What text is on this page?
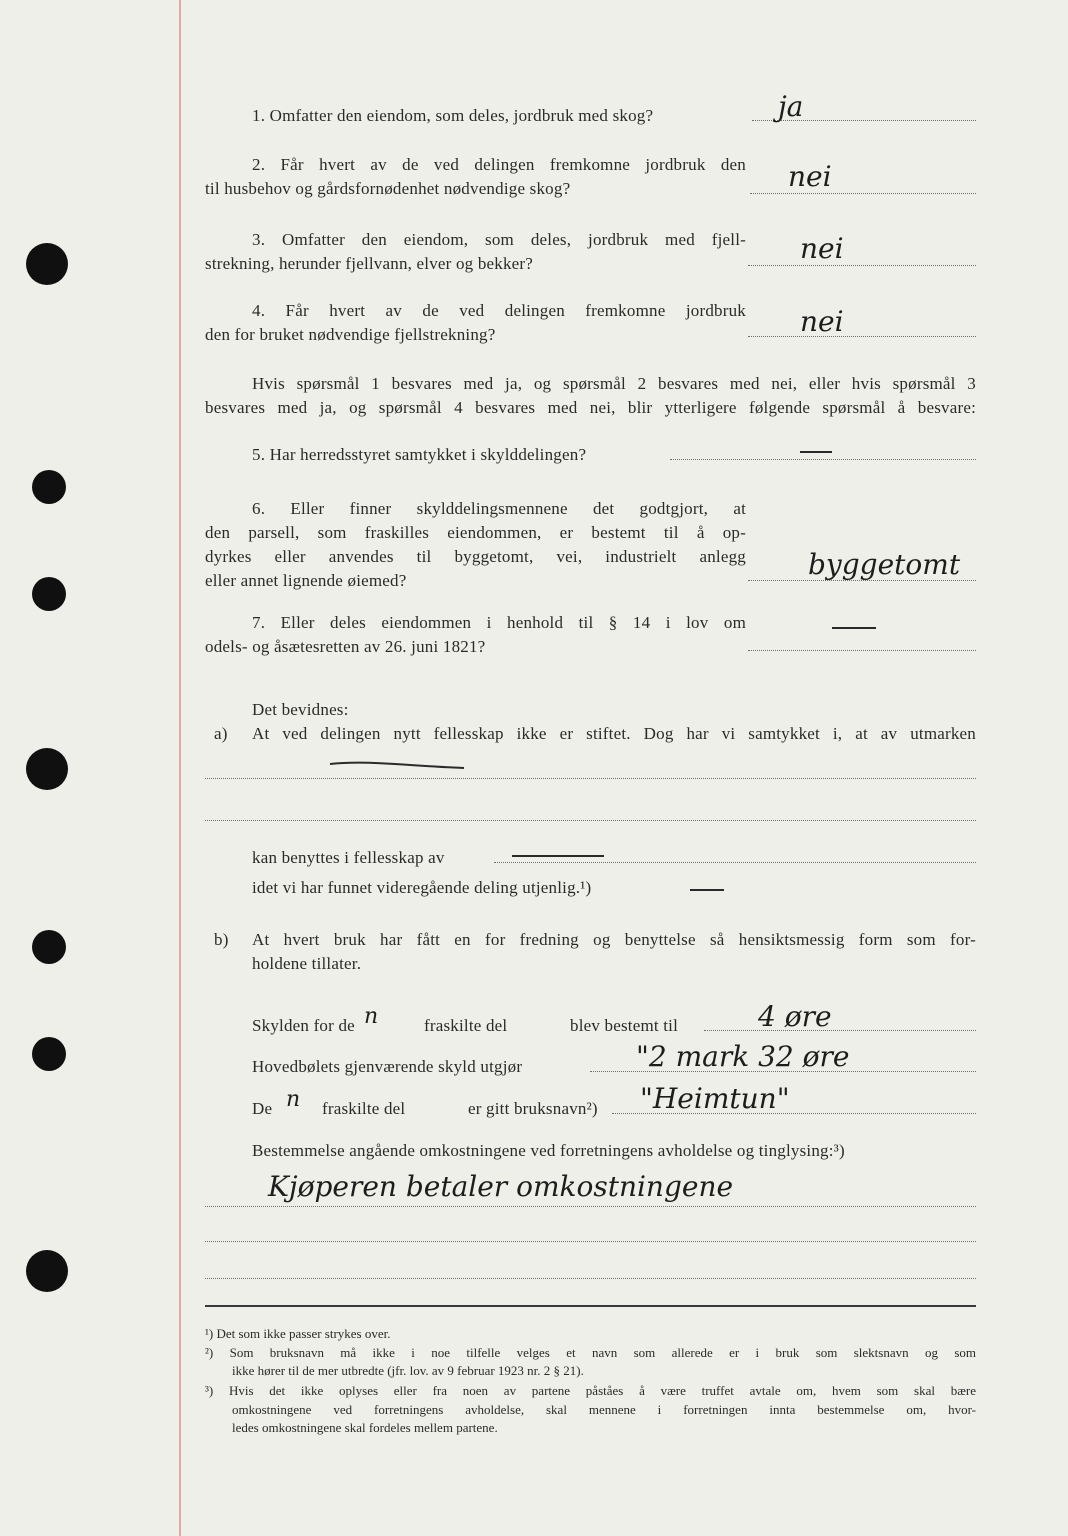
1. Omfatter den eiendom, som deles, jordbruk med skog?	ja
2. Får hvert av de ved delingen fremkomne jordbruk den
til husbehov og gårdsfornødenhet nødvendige skog?	nei
3. Omfatter den eiendom, som deles, jordbruk med fjell-
strekning, herunder fjellvann, elver og bekker?	nei
4. Får hvert av de ved delingen fremkomne jordbruk
den for bruket nødvendige fjellstrekning?	nei
Hvis spørsmål 1 besvares med ja, og spørsmål 2 besvares med nei, eller hvis spørsmål 3
besvares med ja, og spørsmål 4 besvares med nei, blir ytterligere følgende spørsmål å besvare:
5. Har herredsstyret samtykket i skylddelingen?
6. Eller finner skylddelingsmennene det godtgjort, at
den parsell, som fraskilles eiendommen, er bestemt til å op-
dyrkes eller anvendes til byggetomt, vei, industrielt anlegg
eller annet lignende øiemed?	byggetomt
7. Eller deles eiendommen i henhold til § 14 i lov om
odels- og åsætesretten av 26. juni 1821?
Det bevidnes:
a) At ved delingen nytt fellesskap ikke er stiftet. Dog har vi samtykket i, at av utmarken
kan benyttes i fellesskap av
idet vi har funnet videregående deling utjenlig.¹)
b) At hvert bruk har fått en for fredning og benyttelse så hensiktsmessig form som for-
holdene tillater.
Skylden for de n	fraskilte del	blev bestemt til	4 øre
Hovedbølets gjenværende skyld utgjør	"2 mark 32 øre
De n fraskilte del	er gitt bruksnavn²) "Heimtun"
Bestemmelse angående omkostningene ved forretningens avholdelse og tinglysing:³)
Kjøperen betaler omkostningene
¹) Det som ikke passer strykes over.
²) Som bruksnavn må ikke i noe tilfelle velges et navn som allerede er i bruk som slektsnavn og som
ikke hører til de mer utbredte (jfr. lov. av 9 februar 1923 nr. 2 § 21).
³) Hvis det ikke oplyses eller fra noen av partene påståes å være truffet avtale om, hvem som skal bære
omkostningene ved forretningens avholdelse, skal mennene i forretningen innta bestemmelse om, hvor-
ledes omkostningene skal fordeles mellem partene.
